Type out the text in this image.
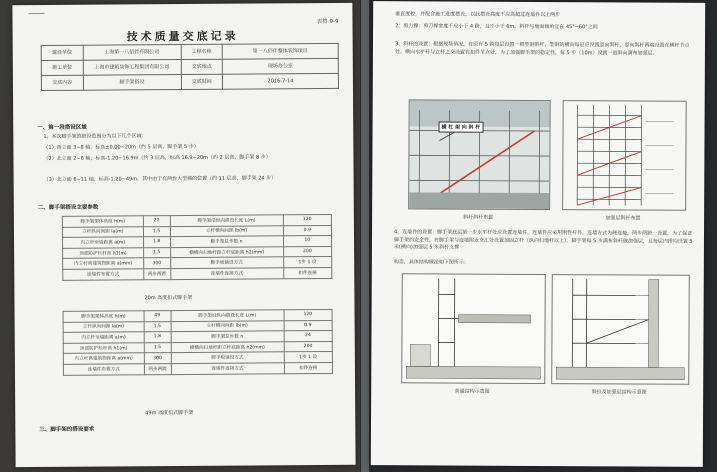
表格 9-9
技术质量交底记录
建设单位	上海第一八佰伴有限公司	工程名称	第一八佰伴整体装饰项目
施工单位	上海市建筑装饰工程集团有限公司	交底地点	现场办公室
交底内容	脚手架搭设	交底时间	2016-7-14
一、第一段搭设区域
1、本次脚手架的搭设范围分为以下几个区域：
（1）西立面 3~8 轴，标高±0.00~20m（约 5 层高，脚手架 5 步）
（2）北立面 2~6 轴，标高-1.20~16.9m（约 3 层高，标高 16.9~20m（约 2 层高，脚手架 8 步）
（3）北立面 6~11 轴，标高-1.20~49m。其中由于有两台大型梯的位置（约 11 层高，脚手架 24 步）
二、脚手架搭设主要参数
脚手架架体高度 h(m)	20	脚手架沿纵向搭设长度 L(m)	120
立杆纵向间距 la(m)	1.5	立杆横向间距 lb(m)	0.9
内立杆至墙距离 a(m)	1.8	脚手架总步数 n	10
顶部防护栏杆高 h1(m)	1.5	横横向扫地杆距立杆底距离 h2(mm)	200
内立杆离建筑物距离 a(mm)	300	脚手板铺设方式	1步 1 设
连墙件布置方式	两步两跨	连墙件连接方式	扣件连接
20m 高度扣式脚手架
脚手架架体高度 h(m)	49	脚手架沿纵向搭设长度 L(m)	120
立杆纵向间距 la(m)	1.5	立杆横向间距 lb(m)	0.9
内立杆至墙距离 a(m)	1.8	脚手架总步数 n	24
顶部防护栏杆高 h1(m)	1.5	横横向扫地杆距立杆底距离 h2(mm)	200
内立杆离建筑物距离 a(mm)	300	脚手板铺设方式	1步 1 设
连墙件布置方式	两步两跨	连墙件连接方式	扣件连接
49m 高度扣式脚手架
三、脚手架的搭设要求
垂直度控，并配合施工进度搭设，以此搭设高度不应高超过连墙件以上两步
2、剪力撑：剪刀撑宽度不应小于 4 跨，且不小于 6m，斜杆与地面倾角宜在 45°~60°之间
3、斜杆的设置：根据现场情况，在原有 5 跨每层设置一根型钢斜杆，型钢的横向每层应设置竖向斜杆，竖向斜杆两端设置在横杆节点处。横向水平杆与立杆之交设置在扣件节点处，为了加强脚手架的稳定性，每 5 步（10m）设置一道斜向满布加强层。
横 杠 架 向 斜 杆
斜杆斜杆布置	加强层斜杆布置
4、连墙件的设置：脚手架底层第一步水平杆处应设置连墙件，连墙件应采用刚性杆件，连墙方式为硬连接，两步两跨一设置，为了保证脚手架的安全性，在脚手架与连墙附近交汇处设置加固立杆（纵向扫地杆以上）。脚手架每 5 步满布斜杆做加强层，且每层内排均设置 5 米(横向)加强层 5 米斜杆支撑
构造，具体结构做法如下图所示：
普通结构示意图	斜拉及加强层结构示意图
